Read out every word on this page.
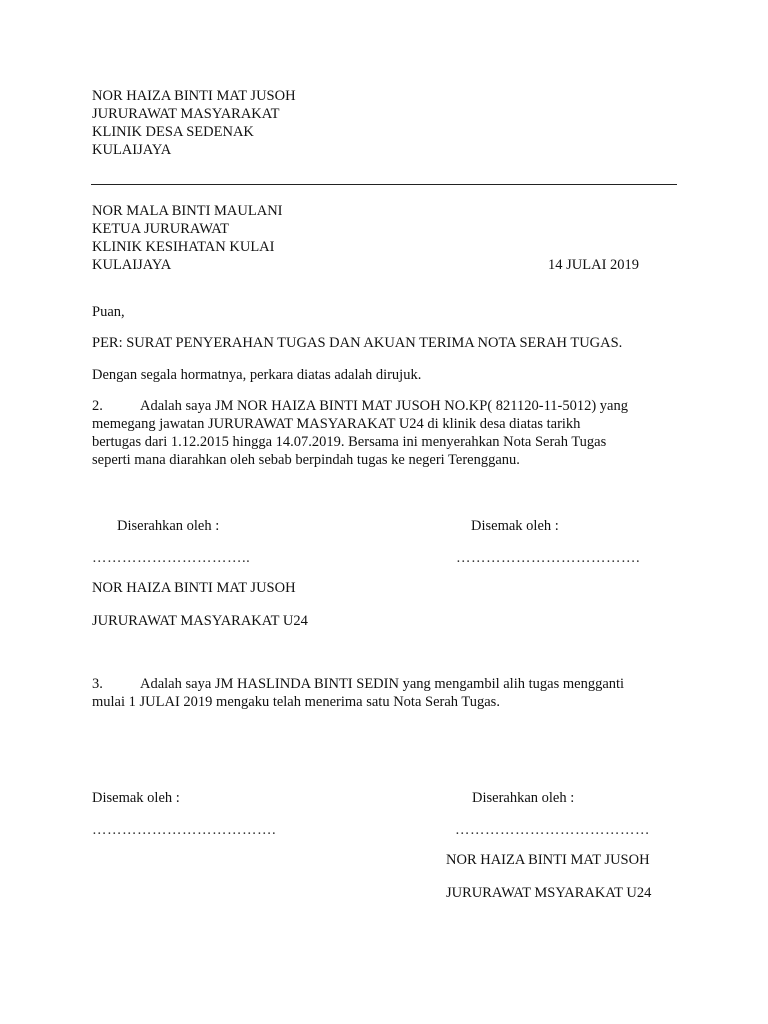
NOR HAIZA BINTI MAT JUSOH
JURURAWAT MASYARAKAT
KLINIK DESA SEDENAK
KULAIJAYA
NOR MALA BINTI MAULANI
KETUA JURURAWAT
KLINIK KESIHATAN KULAI
KULAIJAYA	14 JULAI 2019
Puan,
PER: SURAT PENYERAHAN TUGAS DAN AKUAN TERIMA NOTA SERAH TUGAS.
Dengan segala hormatnya, perkara diatas adalah dirujuk.
2.	Adalah saya JM NOR HAIZA BINTI MAT JUSOH NO.KP( 821120-11-5012) yang
memegang jawatan JURURAWAT MASYARAKAT U24 di klinik desa diatas tarikh
bertugas dari 1.12.2015 hingga 14.07.2019. Bersama ini menyerahkan Nota Serah Tugas
seperti mana diarahkan oleh sebab berpindah tugas ke negeri Terengganu.
Diserahkan oleh :	Disemak oleh :
…………………………..	……………………………….
NOR HAIZA BINTI MAT JUSOH
JURURAWAT MASYARAKAT U24
3.	Adalah saya JM HASLINDA BINTI SEDIN yang mengambil alih tugas mengganti
mulai 1 JULAI 2019 mengaku telah menerima satu Nota Serah Tugas.
Disemak oleh :	Diserahkan oleh :
……………………………….	…………………………………
NOR HAIZA BINTI MAT JUSOH
JURURAWAT MSYARAKAT U24
